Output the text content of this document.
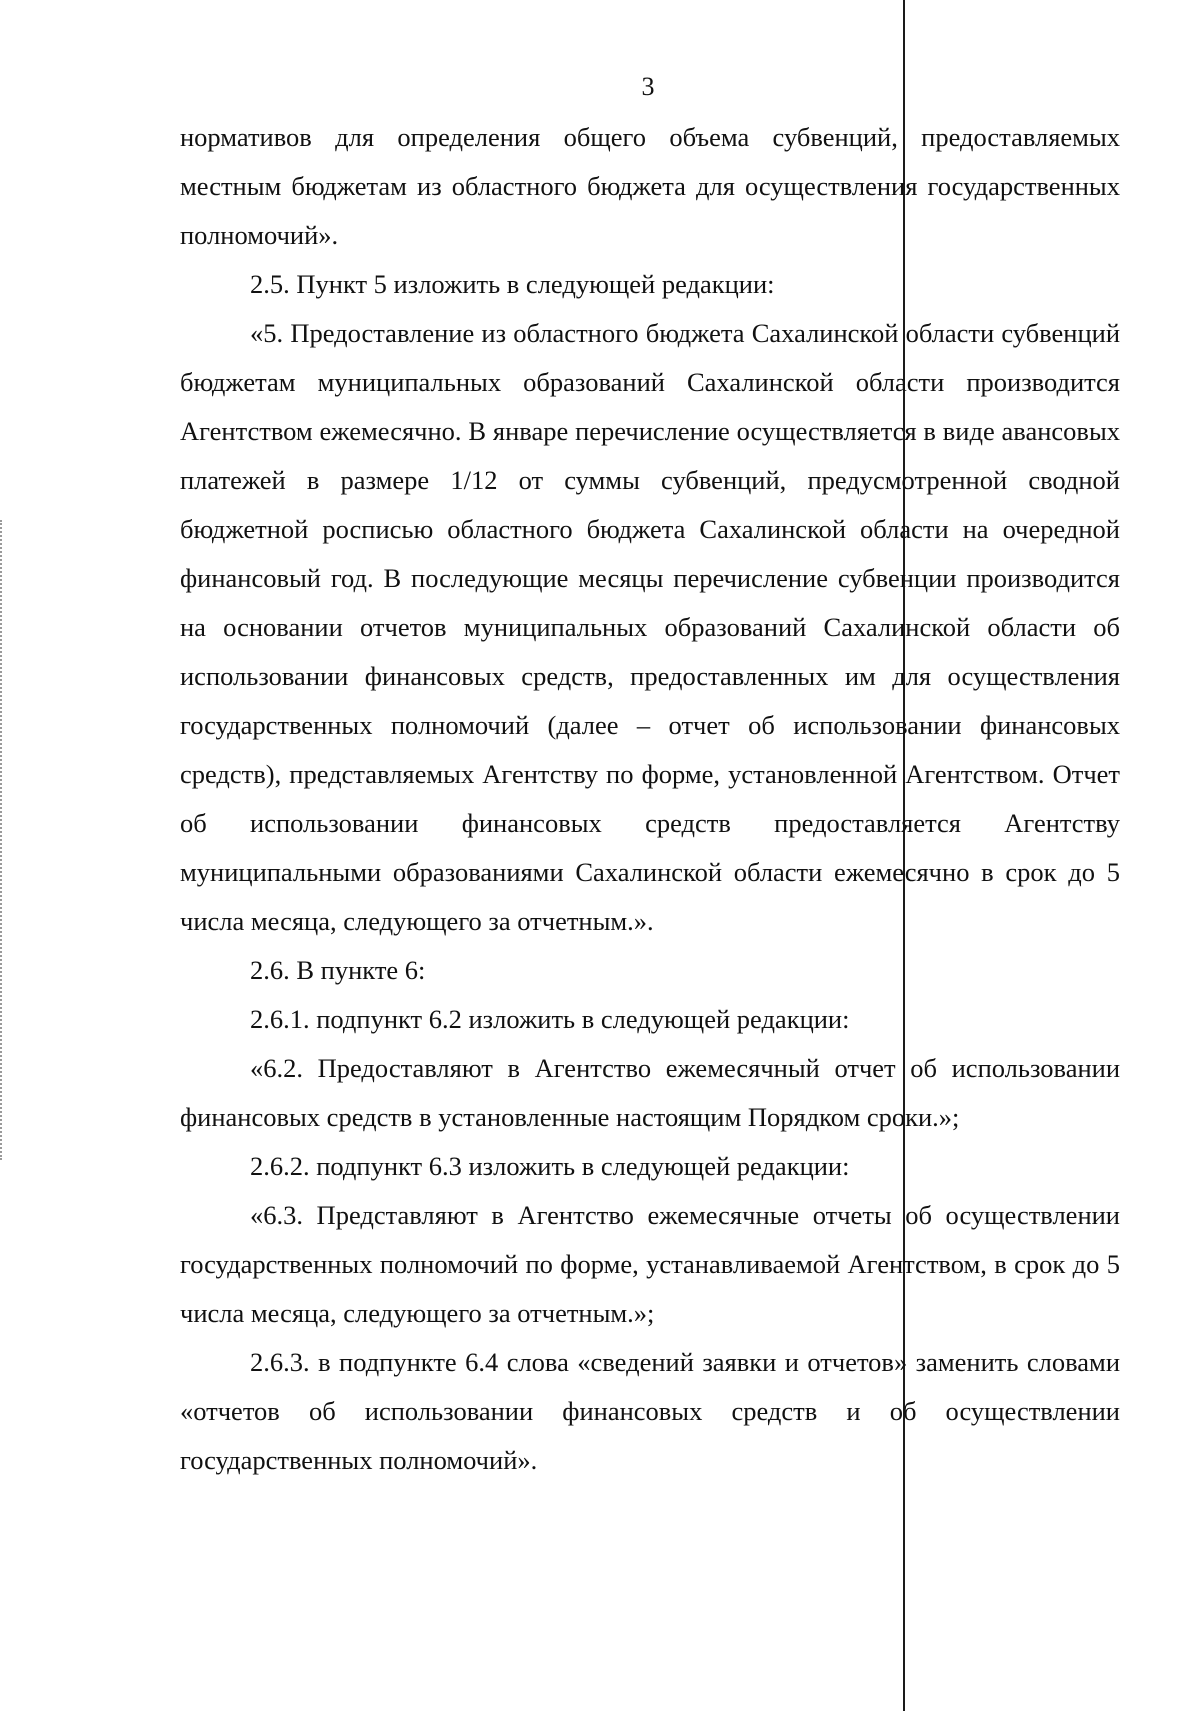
3

нормативов для определения общего объема субвенций, предоставляемых местным бюджетам из областного бюджета для осуществления государственных полномочий».

2.5. Пункт 5 изложить в следующей редакции:

«5. Предоставление из областного бюджета Сахалинской области субвенций бюджетам муниципальных образований Сахалинской области производится Агентством ежемесячно. В январе перечисление осуществляется в виде авансовых платежей в размере 1/12 от суммы субвенций, предусмотренной сводной бюджетной росписью областного бюджета Сахалинской области на очередной финансовый год. В последующие месяцы перечисление субвенции производится на основании отчетов муниципальных образований Сахалинской области об использовании финансовых средств, предоставленных им для осуществления государственных полномочий (далее – отчет об использовании финансовых средств), представляемых Агентству по форме, установленной Агентством. Отчет об использовании финансовых средств предоставляется Агентству муниципальными образованиями Сахалинской области ежемесячно в срок до 5 числа месяца, следующего за отчетным.».

2.6. В пункте 6:

2.6.1. подпункт 6.2 изложить в следующей редакции:

«6.2. Предоставляют в Агентство ежемесячный отчет об использовании финансовых средств в установленные настоящим Порядком сроки.»;

2.6.2. подпункт 6.3 изложить в следующей редакции:

«6.3. Представляют в Агентство ежемесячные отчеты об осуществлении государственных полномочий по форме, устанавливаемой Агентством, в срок до 5 числа месяца, следующего за отчетным.»;

2.6.3. в подпункте 6.4 слова «сведений заявки и отчетов» заменить словами «отчетов об использовании финансовых средств и об осуществлении государственных полномочий».
